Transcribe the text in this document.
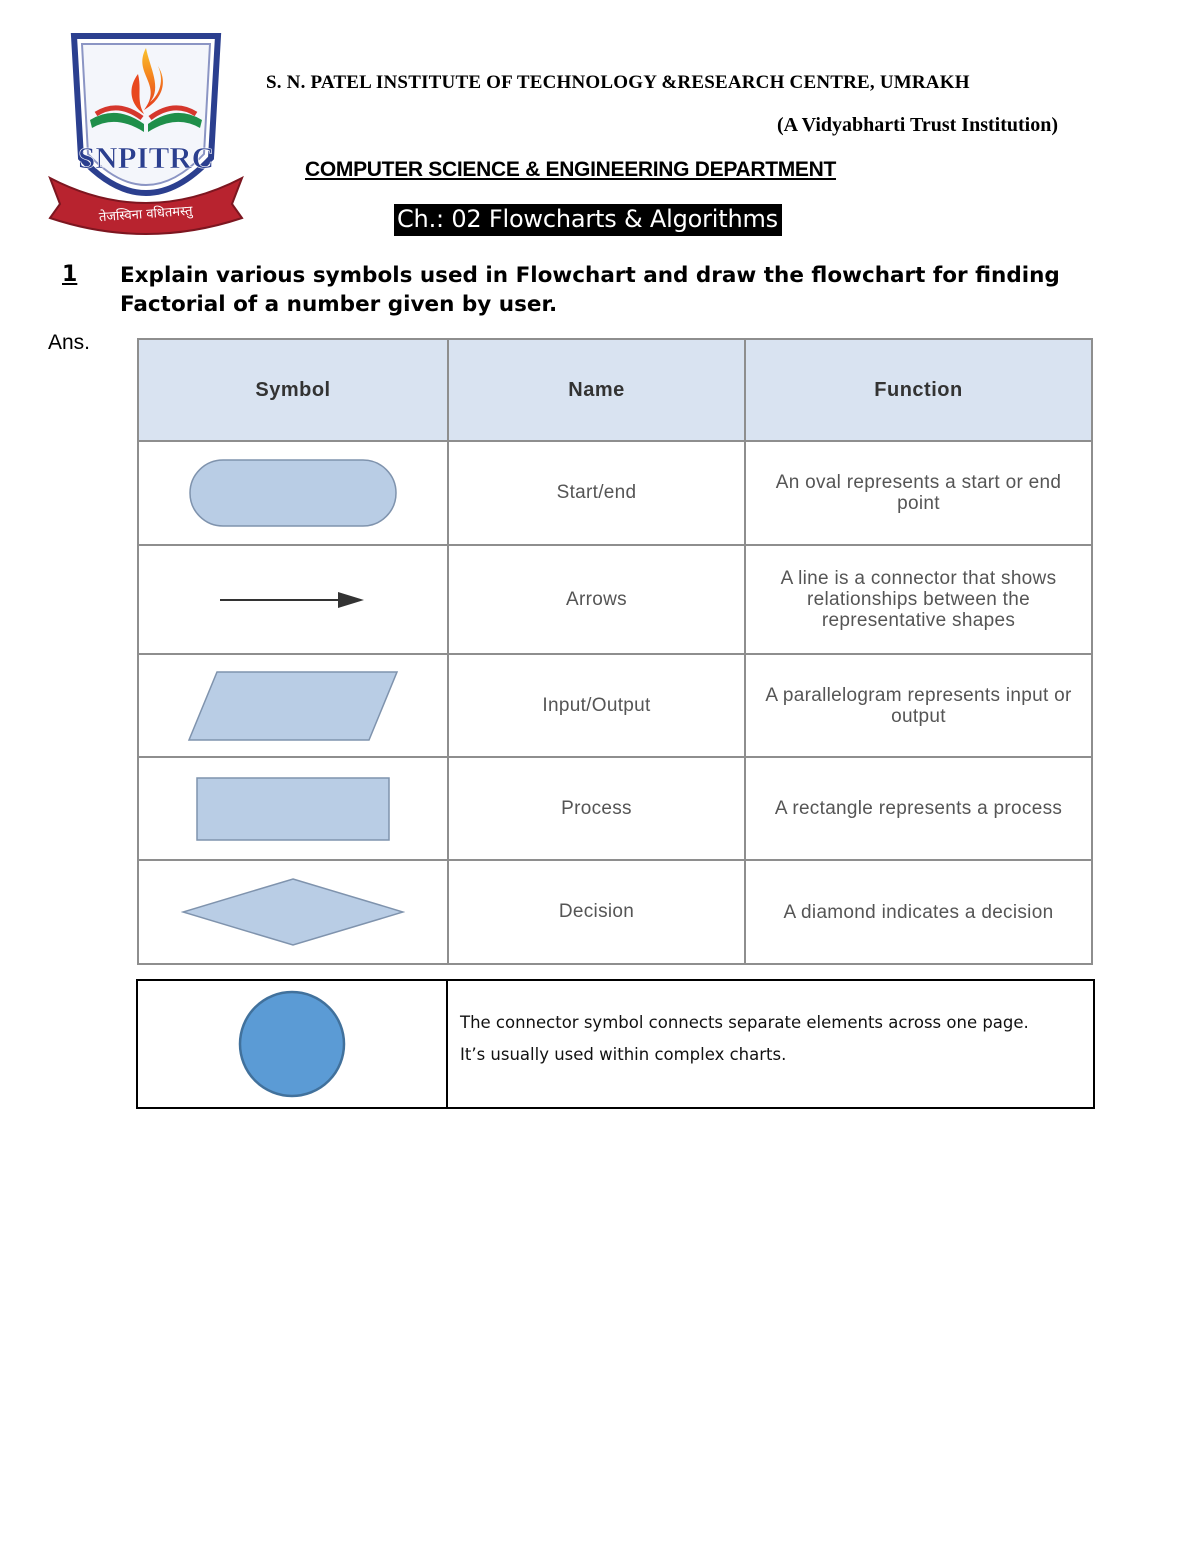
SNPITRC
तेजस्विना वधितमस्तु
S. N. PATEL INSTITUTE OF TECHNOLOGY &RESEARCH CENTRE, UMRAKH
(A Vidyabharti Trust Institution)
COMPUTER SCIENCE & ENGINEERING DEPARTMENT
Ch.: 02 Flowcharts & Algorithms
1 Explain various symbols used in Flowchart and draw the flowchart for finding Factorial of a number given by user.
Ans.
Symbol	Name	Function

	Start/end	An oval represents a start or end point

	Arrows	A line is a connector that shows relationships between the representative shapes

	Input/Output	A parallelogram represents input or output

	Process	A rectangle represents a process

	Decision	A diamond indicates a decision
The connector symbol connects separate elements across one page.
It’s usually used within complex charts.
